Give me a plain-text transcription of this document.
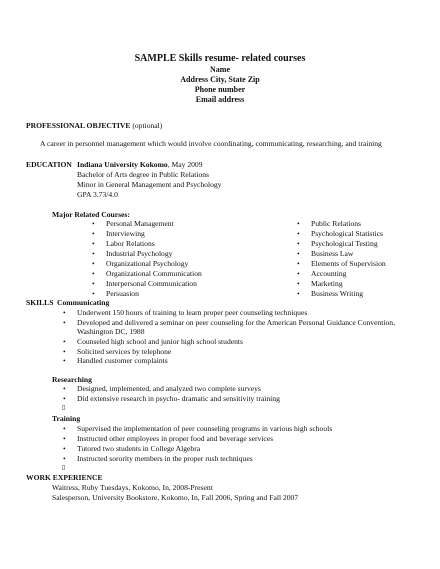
SAMPLE Skills resume- related courses
Name
Address City, State Zip
Phone number
Email address
PROFESSIONAL OBJECTIVE (optional)
A career in personnel management which would involve coordinating, communicating, researching, and training
EDUCATION Indiana University Kokomo, May 2009
Bachelor of Arts degree in Public Relations
Minor in General Management and Psychology
GPA 3.73/4.0
Major Related Courses:
• Personal Management
• Interviewing
• Labor Relations
• Industrial Psychology
• Organizational Psychology
• Organizational Communication
• Interpersonal Communication
• Persuasion
• Public Relations
• Psychological Statistics
• Psychological Testing
• Business Law
• Elements of Supervision
• Accounting
• Marketing
• Business Writing
SKILLS Communicating
• Underwent 150 hours of training to learn proper peer counseling techniques
• Developed and delivered a seminar on peer counseling for the American Personal Guidance Convention,
Washington DC, 1988
• Counseled high school and junior high school students
• Solicited services by telephone
• Handled customer complaints
Researching
• Designed, implemented, and analyzed two complete surveys
• Did extensive research in psycho- dramatic and sensitivity training
▯
Training
• Supervised the implementation of peer counseling programs in various high schools
• Instructed other employees in proper food and beverage services
• Tutored two students in College Algebra
• Instructed sorority members in the proper rush techniques
▯
WORK EXPERIENCE
Waitress, Ruby Tuesdays, Kokomo, In, 2008-Present
Salesperson, University Bookstore, Kokomo, In, Fall 2006, Spring and Fall 2007
